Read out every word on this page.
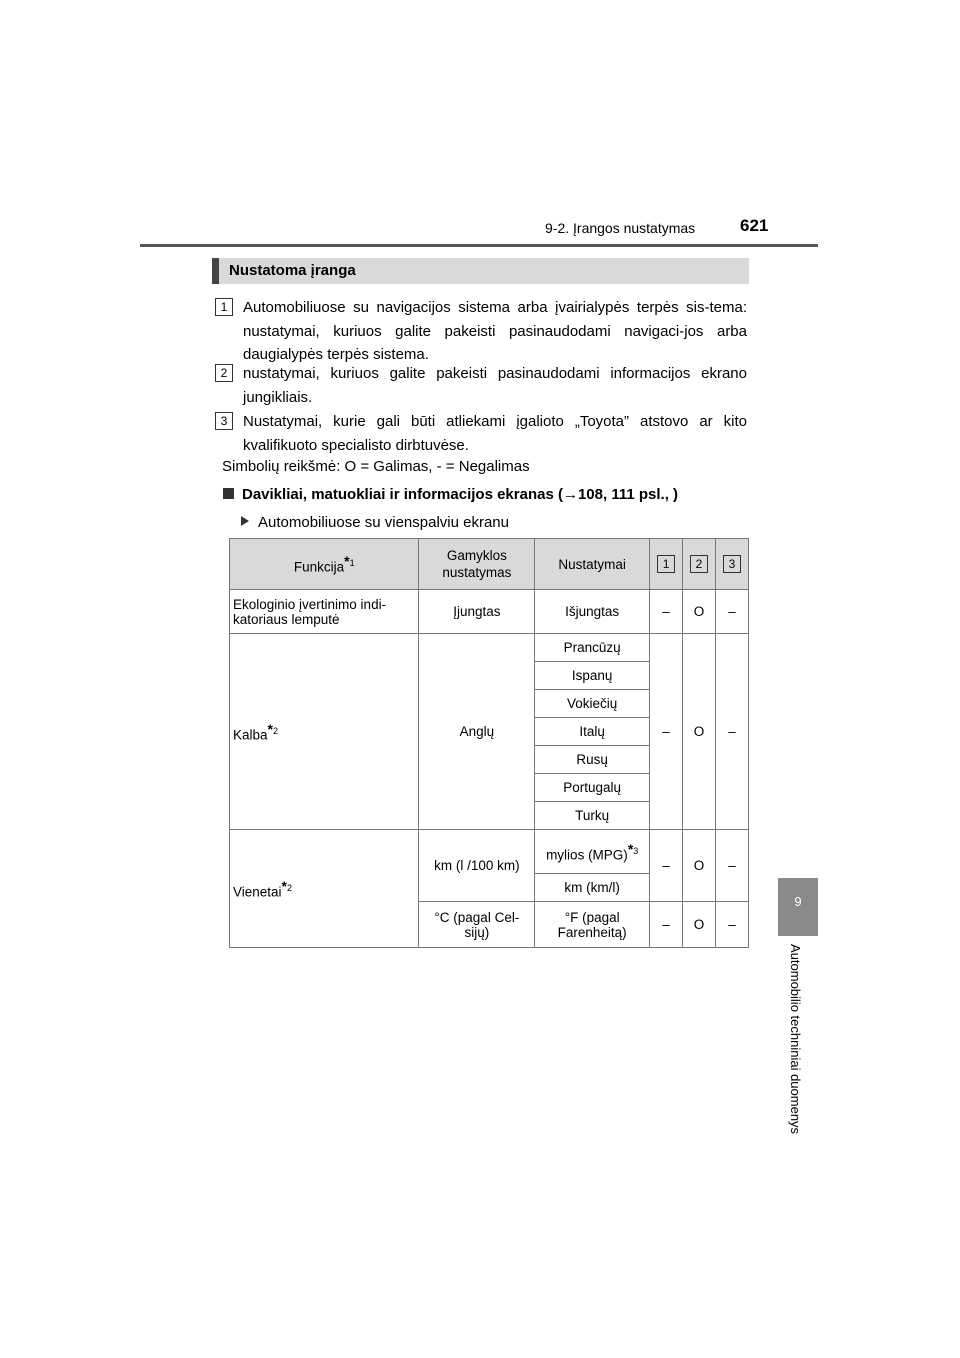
9-2. Įrangos nustatymas	621
9
Automobilio techniniai duomenys
Nustatoma įranga
1	Automobiliuose su navigacijos sistema arba įvairialypės terpės sis-tema: nustatymai, kuriuos galite pakeisti pasinaudodami navigaci-jos arba daugialypės terpės sistema.
2	nustatymai, kuriuos galite pakeisti pasinaudodami informacijos ekrano jungikliais.
3	Nustatymai, kurie gali būti atliekami įgalioto „Toyota” atstovo ar kito kvalifikuoto specialisto dirbtuvėse.
Simbolių reikšmė: O = Galimas, - = Negalimas
Davikliai, matuokliai ir informacijos ekranas (→108, 111 psl., )
Automobiliuose su vienspalviu ekranu
Funkcija*$^1$	Gamyklos nustatymas	Nustatymai	1	2	3
Ekologinio įvertinimo indi-katoriaus lemputė	Įjungtas	Išjungtas	–	O	–
Kalba*$^2$	Anglų	Prancūzų	–	O	–
		Ispanų			
		Vokiečių			
		Italų			
		Rusų			
		Portugalų			
		Turkų			
Vienetai*$^2$	km (l /100 km)	mylios (MPG)*$^3$	–	O	–
		km (km/l)			
	°C (pagal Cel-sijų)	°F (pagal Farenheitą)	–	O	–
